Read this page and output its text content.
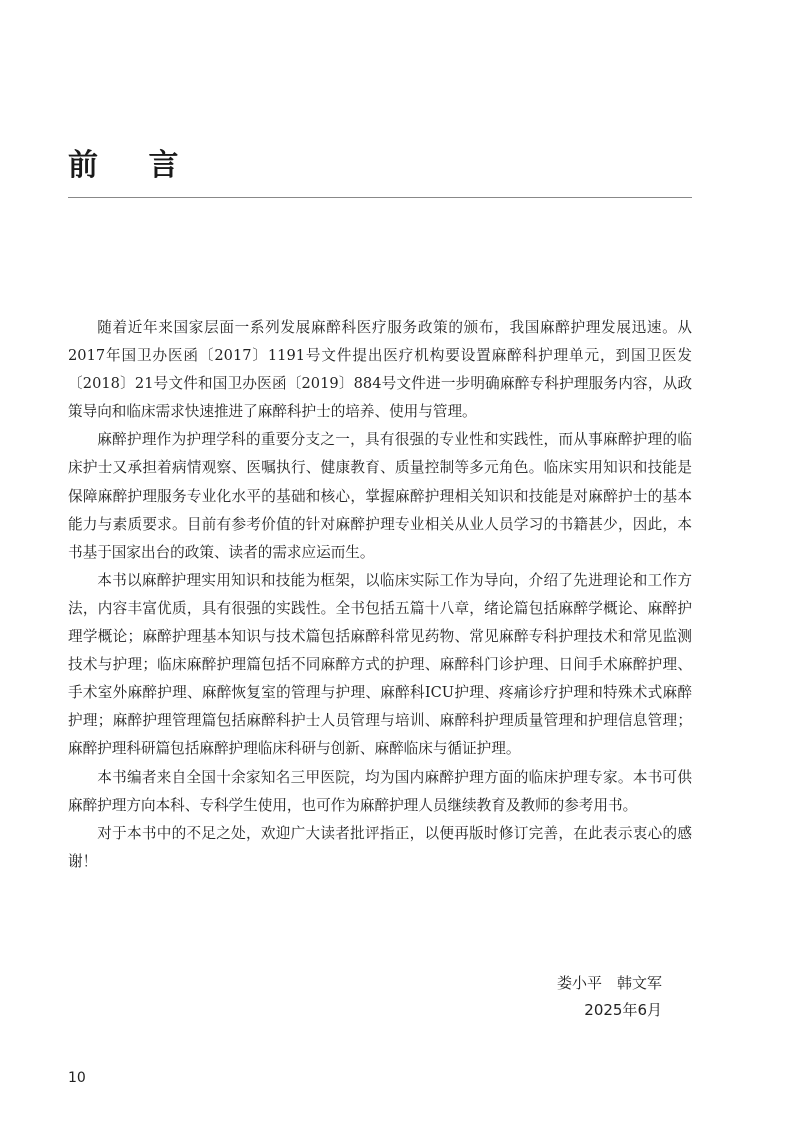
前 言

随着近年来国家层面一系列发展麻醉科医疗服务政策的颁布，我国麻醉护理发展迅速。从2017年国卫办医函〔2017〕1191号文件提出医疗机构要设置麻醉科护理单元，到国卫医发〔2018〕21号文件和国卫办医函〔2019〕884号文件进一步明确麻醉专科护理服务内容，从政策导向和临床需求快速推进了麻醉科护士的培养、使用与管理。

麻醉护理作为护理学科的重要分支之一，具有很强的专业性和实践性，而从事麻醉护理的临床护士又承担着病情观察、医嘱执行、健康教育、质量控制等多元角色。临床实用知识和技能是保障麻醉护理服务专业化水平的基础和核心，掌握麻醉护理相关知识和技能是对麻醉护士的基本能力与素质要求。目前有参考价值的针对麻醉护理专业相关从业人员学习的书籍甚少，因此，本书基于国家出台的政策、读者的需求应运而生。

本书以麻醉护理实用知识和技能为框架，以临床实际工作为导向，介绍了先进理论和工作方法，内容丰富优质，具有很强的实践性。全书包括五篇十八章，绪论篇包括麻醉学概论、麻醉护理学概论；麻醉护理基本知识与技术篇包括麻醉科常见药物、常见麻醉专科护理技术和常见监测技术与护理；临床麻醉护理篇包括不同麻醉方式的护理、麻醉科门诊护理、日间手术麻醉护理、手术室外麻醉护理、麻醉恢复室的管理与护理、麻醉科ICU护理、疼痛诊疗护理和特殊术式麻醉护理；麻醉护理管理篇包括麻醉科护士人员管理与培训、麻醉科护理质量管理和护理信息管理；麻醉护理科研篇包括麻醉护理临床科研与创新、麻醉临床与循证护理。

本书编者来自全国十余家知名三甲医院，均为国内麻醉护理方面的临床护理专家。本书可供麻醉护理方向本科、专科学生使用，也可作为麻醉护理人员继续教育及教师的参考用书。

对于本书中的不足之处，欢迎广大读者批评指正，以便再版时修订完善，在此表示衷心的感谢！

娄小平　韩文军
2025年6月
10
